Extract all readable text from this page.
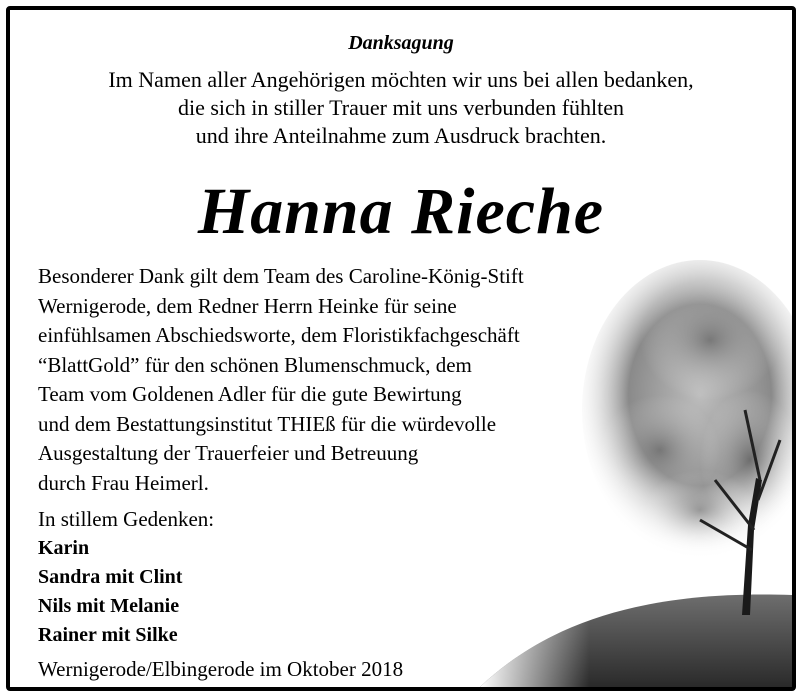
Danksagung
Im Namen aller Angehörigen möchten wir uns bei allen bedanken,
die sich in stiller Trauer mit uns verbunden fühlten
und ihre Anteilnahme zum Ausdruck brachten.
Hanna Rieche
Besonderer Dank gilt dem Team des Caroline-König-Stift
Wernigerode, dem Redner Herrn Heinke für seine
einfühlsamen Abschiedsworte, dem Floristikfachgeschäft
“BlattGold” für den schönen Blumenschmuck, dem
Team vom Goldenen Adler für die gute Bewirtung
und dem Bestattungsinstitut THIEß für die würdevolle
Ausgestaltung der Trauerfeier und Betreuung
durch Frau Heimerl.
In stillem Gedenken:
Karin
Sandra mit Clint
Nils mit Melanie
Rainer mit Silke
Wernigerode/Elbingerode im Oktober 2018
